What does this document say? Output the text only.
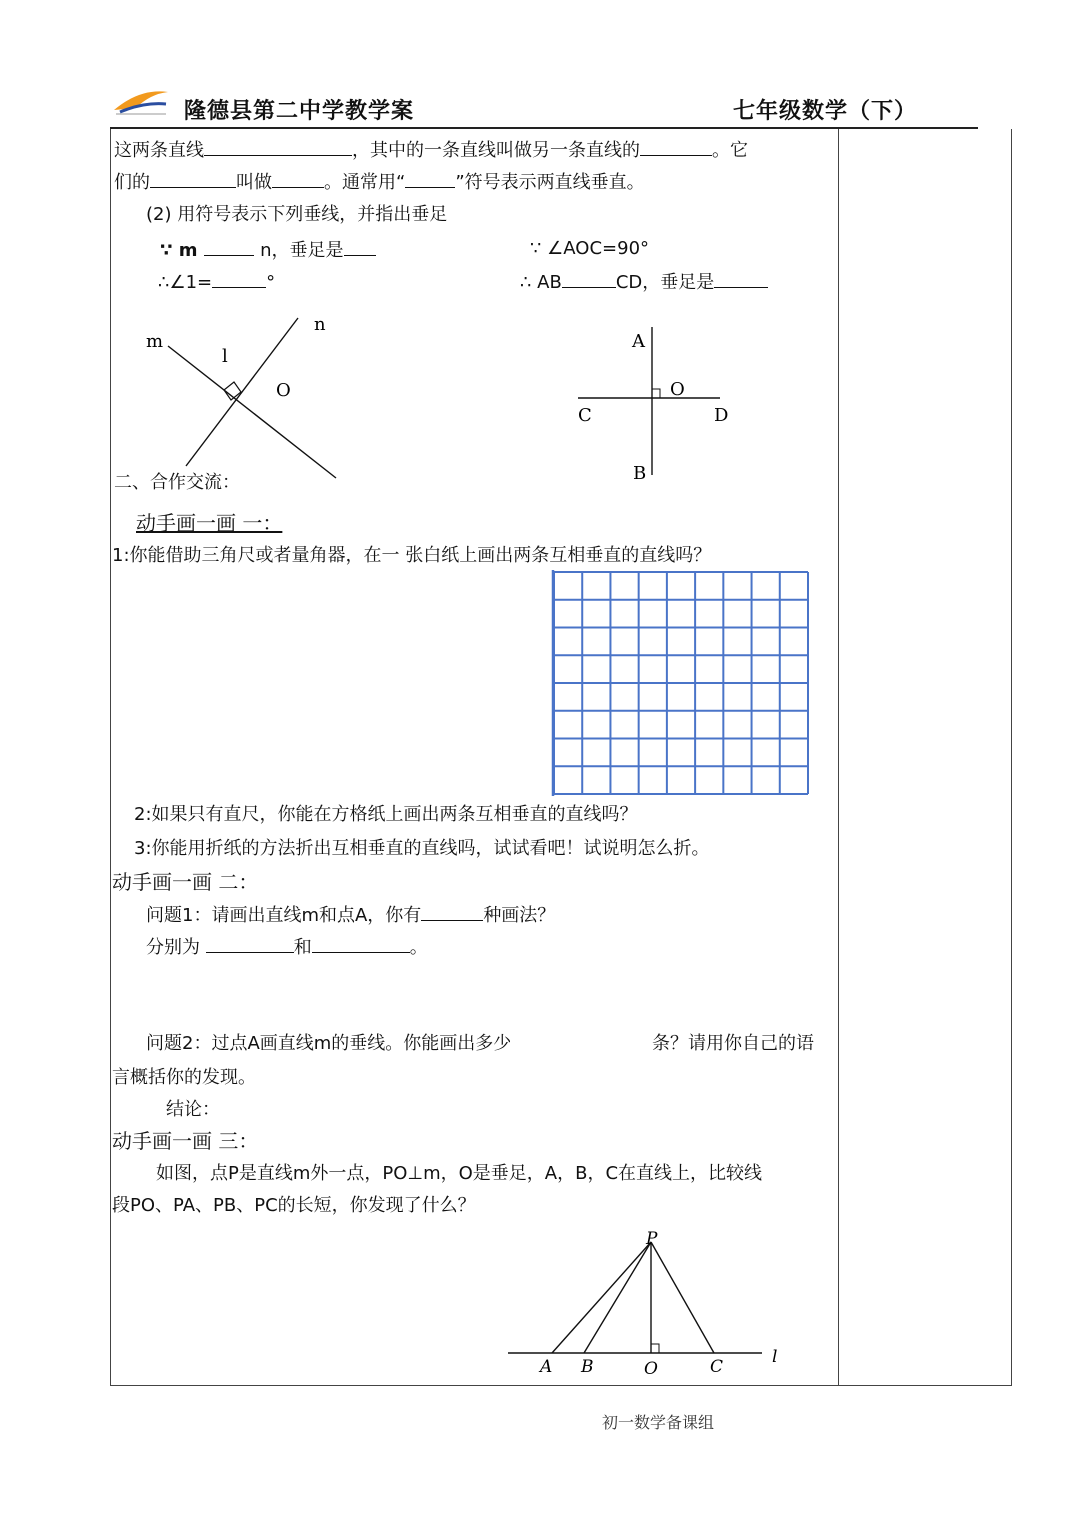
隆德县第二中学教学案	七年级数学（下）
这两条直线	，其中的一条直线叫做另一条直线的	。它
们的	叫做	。通常用“	”符号表示两直线垂直。
(2) 用符号表示下列垂线，并指出垂足
∵ m	n，垂足是	∵ ∠AOC=90°
∴∠1=	°	∴ AB	CD，垂足是
m
n
l
O
A
O
C	D
B
二、合作交流：
动手画一画 一：
1:你能借助三角尺或者量角器，在一 张白纸上画出两条互相垂直的直线吗？
2:如果只有直尺，你能在方格纸上画出两条互相垂直的直线吗？
3:你能用折纸的方法折出互相垂直的直线吗，试试看吧！试说明怎么折。
动手画一画 二：
问题1：请画出直线m和点A，你有	种画法？
分别为	和	。
问题2：过点A画直线m的垂线。你能画出多少	条？请用你自己的语
言概括你的发现。
结论：
动手画一画 三：
如图，点P是直线m外一点，PO⊥m，O是垂足，A，B，C在直线上，比较线
段PO、PA、PB、PC的长短，你发现了什么？
P
A B	O	C	l
初一数学备课组
